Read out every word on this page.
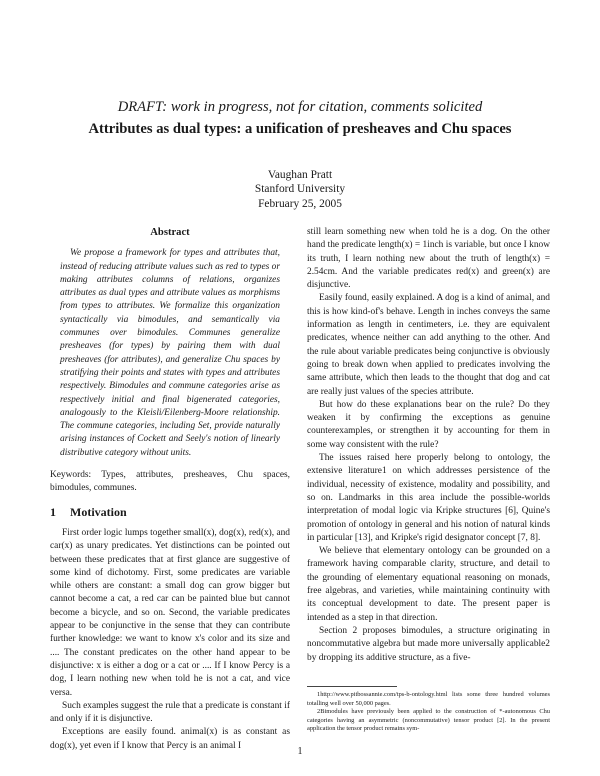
DRAFT: work in progress, not for citation, comments solicited
Attributes as dual types: a unification of presheaves and Chu spaces
Vaughan Pratt
Stanford University
February 25, 2005

Abstract

We propose a framework for types and attributes that, instead of reducing attribute values such as red to types or making attributes columns of relations, organizes attributes as dual types and attribute values as morphisms from types to attributes. We formalize this organization syntactically via bimodules, and semantically via communes over bimodules. Communes generalize presheaves (for types) by pairing them with dual presheaves (for attributes), and generalize Chu spaces by stratifying their points and states with types and attributes respectively. Bimodules and commune categories arise as respectively initial and final bigenerated categories, analogously to the Kleisli/Eilenberg-Moore relationship. The commune categories, including Set, provide naturally arising instances of Cockett and Seely's notion of linearly distributive category without units.

Keywords: Types, attributes, presheaves, Chu spaces, bimodules, communes.

1 Motivation

First order logic lumps together small(x), dog(x), red(x), and car(x) as unary predicates. Yet distinctions can be pointed out between these predicates that at first glance are suggestive of some kind of dichotomy. First, some predicates are variable while others are constant: a small dog can grow bigger but cannot become a cat, a red car can be painted blue but cannot become a bicycle, and so on. Second, the variable predicates appear to be conjunctive in the sense that they can contribute further knowledge: we want to know x's color and its size and .... The constant predicates on the other hand appear to be disjunctive: x is either a dog or a cat or .... If I know Percy is a dog, I learn nothing new when told he is not a cat, and vice versa.

Such examples suggest the rule that a predicate is constant if and only if it is disjunctive.

Exceptions are easily found. animal(x) is as constant as dog(x), yet even if I know that Percy is an animal I

still learn something new when told he is a dog. On the other hand the predicate length(x) = 1inch is variable, but once I know its truth, I learn nothing new about the truth of length(x) = 2.54cm. And the variable predicates red(x) and green(x) are disjunctive.

Easily found, easily explained. A dog is a kind of animal, and this is how kind-of's behave. Length in inches conveys the same information as length in centimeters, i.e. they are equivalent predicates, whence neither can add anything to the other. And the rule about variable predicates being conjunctive is obviously going to break down when applied to predicates involving the same attribute, which then leads to the thought that dog and cat are really just values of the species attribute.

But how do these explanations bear on the rule? Do they weaken it by confirming the exceptions as genuine counterexamples, or strengthen it by accounting for them in some way consistent with the rule?

The issues raised here properly belong to ontology, the extensive literature1 on which addresses persistence of the individual, necessity of existence, modality and possibility, and so on. Landmarks in this area include the possible-worlds interpretation of modal logic via Kripke structures [6], Quine's promotion of ontology in general and his notion of natural kinds in particular [13], and Kripke's rigid designator concept [7, 8].

We believe that elementary ontology can be grounded on a framework having comparable clarity, structure, and detail to the grounding of elementary equational reasoning on monads, free algebras, and varieties, while maintaining continuity with its conceptual development to date. The present paper is intended as a step in that direction.

Section 2 proposes bimodules, a structure originating in noncommutative algebra but made more universally applicable2 by dropping its additive structure, as a five-

1http://www.pitbossannie.com/tps-b-ontology.html lists some three hundred volumes totalling well over 50,000 pages.

2Bimodules have previously been applied to the construction of *-autonomous Chu categories having an asymmetric (noncommutative) tensor product [2]. In the present application the tensor product remains sym-

1
